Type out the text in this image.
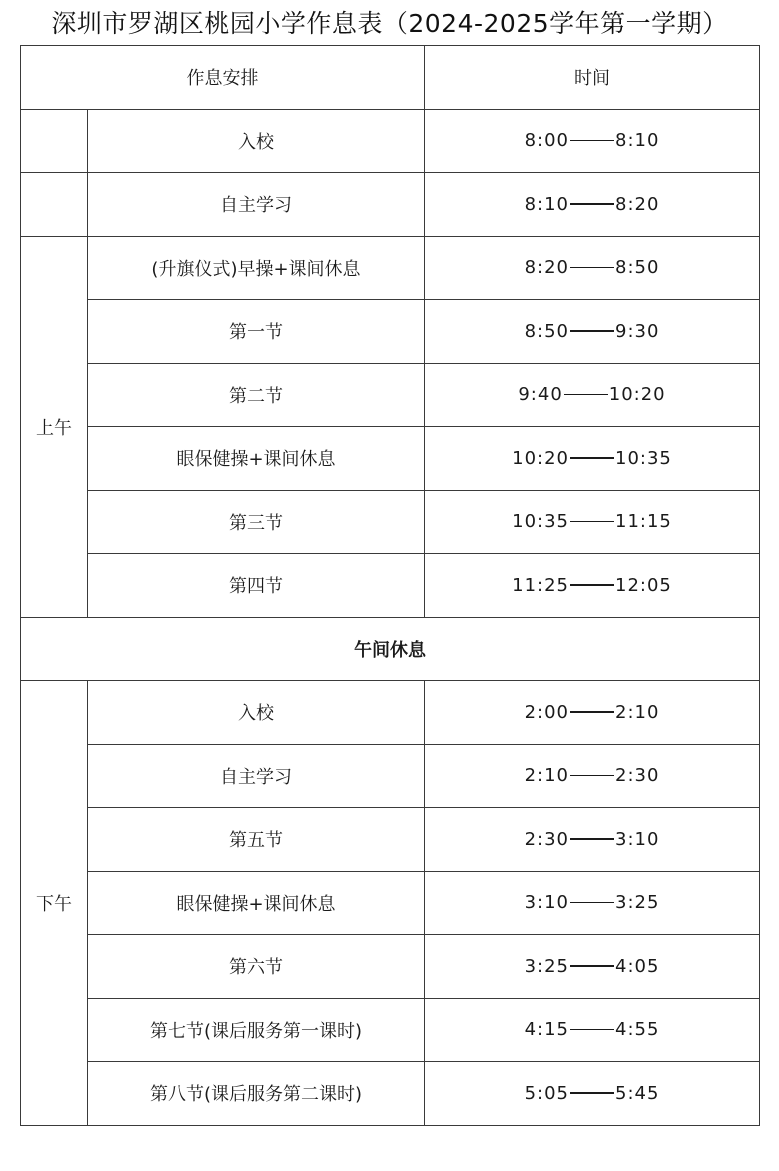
深圳市罗湖区桃园小学作息表（2024-2025学年第一学期）
作息安排		时间
	入校	8:00 8:10
	自主学习	8:10 8:20
上午	(升旗仪式)早操+课间休息	8:20 8:50
	第一节	8:50 9:30
	第二节	9:40 10:20
	眼保健操+课间休息	10:20 10:35
	第三节	10:35 11:15
	第四节	11:25 12:05
午间休息		
下午	入校	2:00 2:10
	自主学习	2:10 2:30
	第五节	2:30 3:10
	眼保健操+课间休息	3:10 3:25
	第六节	3:25 4:05
	第七节(课后服务第一课时)	4:15 4:55
	第八节(课后服务第二课时)	5:05 5:45
